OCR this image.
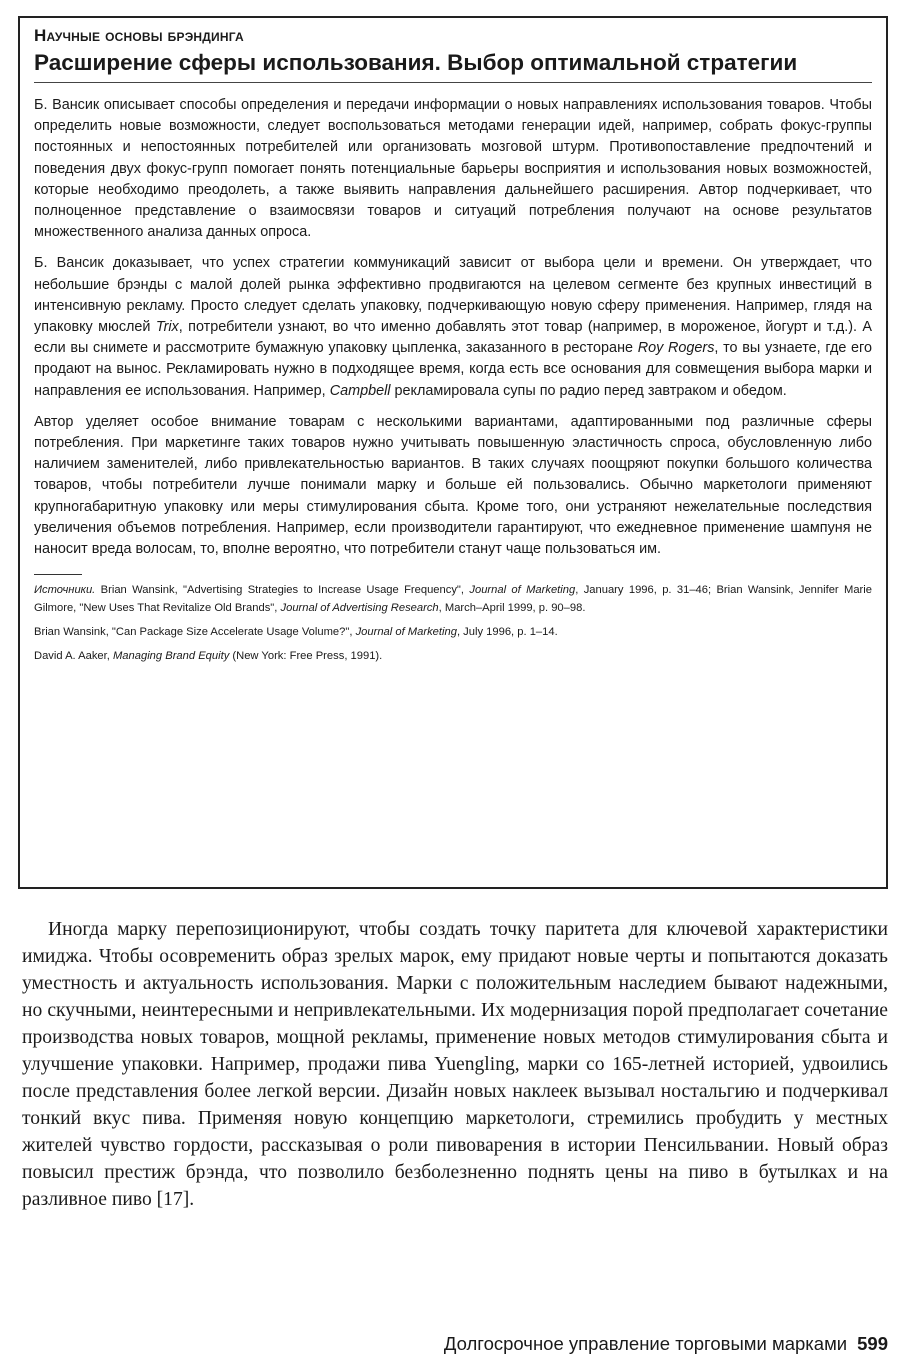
Научные основы брэндинга
Расширение сферы использования. Выбор оптимальной стратегии

Б. Вансик описывает способы определения и передачи информации о новых направлениях использования товаров. Чтобы определить новые возможности, следует воспользоваться методами генерации идей, например, собрать фокус-группы постоянных и непостоянных потребителей или организовать мозговой штурм. Противопоставление предпочтений и поведения двух фокус-групп помогает понять потенциальные барьеры восприятия и использования новых возможностей, которые необходимо преодолеть, а также выявить направления дальнейшего расширения. Автор подчеркивает, что полноценное представление о взаимосвязи товаров и ситуаций потребления получают на основе результатов множественного анализа данных опроса.

Б. Вансик доказывает, что успех стратегии коммуникаций зависит от выбора цели и времени. Он утверждает, что небольшие брэнды с малой долей рынка эффективно продвигаются на целевом сегменте без крупных инвестиций в интенсивную рекламу. Просто следует сделать упаковку, подчеркивающую новую сферу применения. Например, глядя на упаковку мюслей Trix, потребители узнают, во что именно добавлять этот товар (например, в мороженое, йогурт и т.д.). А если вы снимете и рассмотрите бумажную упаковку цыпленка, заказанного в ресторане Roy Rogers, то вы узнаете, где его продают на вынос. Рекламировать нужно в подходящее время, когда есть все основания для совмещения выбора марки и направления ее использования. Например, Campbell рекламировала супы по радио перед завтраком и обедом.

Автор уделяет особое внимание товарам с несколькими вариантами, адаптированными под различные сферы потребления. При маркетинге таких товаров нужно учитывать повышенную эластичность спроса, обусловленную либо наличием заменителей, либо привлекательностью вариантов. В таких случаях поощряют покупки большого количества товаров, чтобы потребители лучше понимали марку и больше ей пользовались. Обычно маркетологи применяют крупногабаритную упаковку или меры стимулирования сбыта. Кроме того, они устраняют нежелательные последствия увеличения объемов потребления. Например, если производители гарантируют, что ежедневное применение шампуня не наносит вреда волосам, то, вполне вероятно, что потребители станут чаще пользоваться им.

Источники. Brian Wansink, "Advertising Strategies to Increase Usage Frequency", Journal of Marketing, January 1996, p. 31–46; Brian Wansink, Jennifer Marie Gilmore, "New Uses That Revitalize Old Brands", Journal of Advertising Research, March–April 1999, p. 90–98.

Brian Wansink, "Can Package Size Accelerate Usage Volume?", Journal of Marketing, July 1996, p. 1–14.

David A. Aaker, Managing Brand Equity (New York: Free Press, 1991).

Иногда марку перепозиционируют, чтобы создать точку паритета для ключевой характеристики имиджа. Чтобы осовременить образ зрелых марок, ему придают новые черты и попытаются доказать уместность и актуальность использования. Марки с положительным наследием бывают надежными, но скучными, неинтересными и непривлекательными. Их модернизация порой предполагает сочетание производства новых товаров, мощной рекламы, применение новых методов стимулирования сбыта и улучшение упаковки. Например, продажи пива Yuengling, марки со 165-летней историей, удвоились после представления более легкой версии. Дизайн новых наклеек вызывал ностальгию и подчеркивал тонкий вкус пива. Применяя новую концепцию маркетологи, стремились пробудить у местных жителей чувство гордости, рассказывая о роли пивоварения в истории Пенсильвании. Новый образ повысил престиж брэнда, что позволило безболезненно поднять цены на пиво в бутылках и на разливное пиво [17].

Долгосрочное управление торговыми марками 599
